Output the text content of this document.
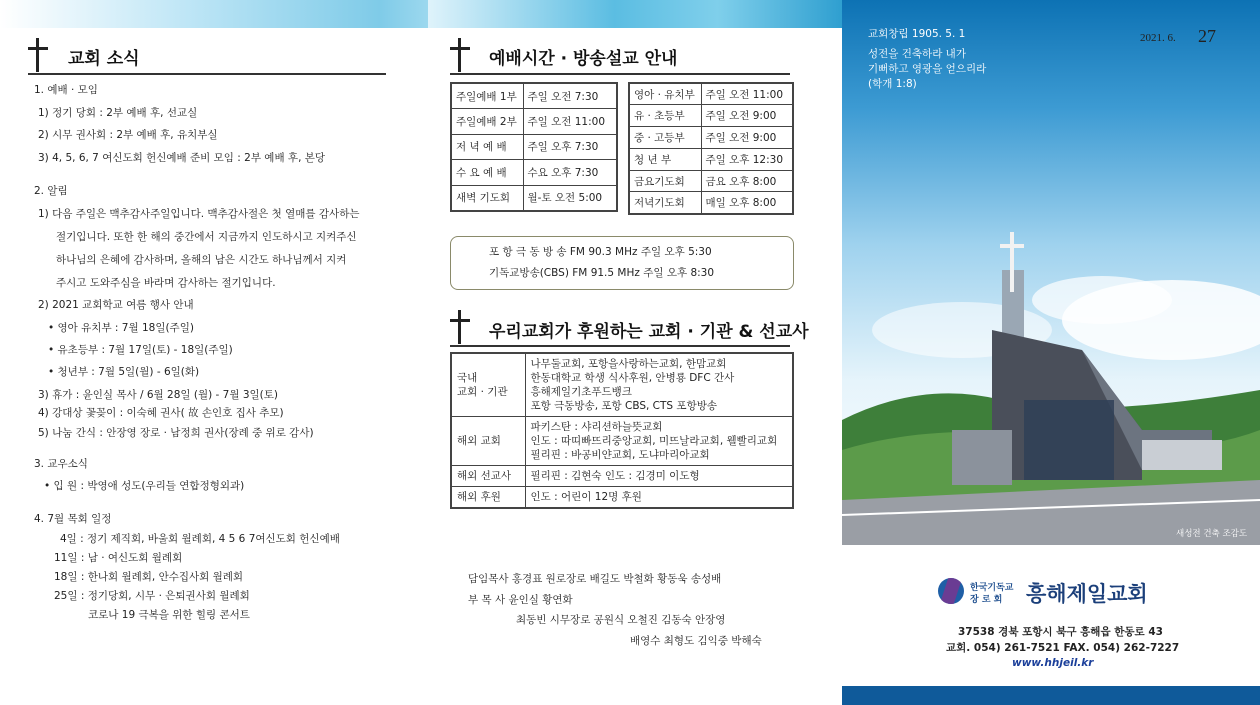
교회 소식
1. 예배 · 모임
1) 정기 당회 : 2부 예배 후, 선교실
2) 시무 권사회 : 2부 예배 후, 유치부실
3) 4, 5, 6, 7 여신도회 헌신예배 준비 모임 : 2부 예배 후, 본당
2. 알림
1) 다음 주일은 맥추감사주일입니다. 맥추감사절은 첫 열매를 감사하는
절기입니다. 또한 한 해의 중간에서 지금까지 인도하시고 지켜주신
하나님의 은혜에 감사하며, 올해의 남은 시간도 하나님께서 지켜
주시고 도와주심을 바라며 감사하는 절기입니다.
2) 2021 교회학교 여름 행사 안내
• 영아 유치부 : 7월 18일(주일)
• 유초등부 : 7월 17일(토) - 18일(주일)
• 청년부 : 7월 5일(월) - 6일(화)
3) 휴가 : 윤인실 목사 / 6월 28일 (월) - 7월 3일(토)
4) 강대상 꽃꽂이 : 이숙혜 권사( 故 손인호 집사 추모)
5) 나눔 간식 : 안장영 장로 · 남정희 권사(장례 중 위로 감사)
3. 교우소식
• 입 원 : 박영애 성도(우리들 연합정형외과)
4. 7월 목회 일정
4일 : 정기 제직회, 바울회 월례회, 4 5 6 7여신도회 헌신예배
11일 : 남 · 여신도회 월례회
18일 : 한나회 월례회, 안수집사회 월례회
25일 : 정기당회, 시무 · 은퇴권사회 월례회
코로나 19 극복을 위한 힐링 콘서트
예배시간 · 방송설교 안내
주일예배 1부	주일 오전 7:30
주일예배 2부	주일 오전 11:00
저 녁 예 배	주일 오후 7:30
수 요 예 배	수요 오후 7:30
새벽 기도회	월-토 오전 5:00
영아 · 유치부	주일 오전 11:00
유 · 초등부	주일 오전 9:00
중 · 고등부	주일 오전 9:00
청 년 부	주일 오후 12:30
금요기도회	금요 오후 8:00
저녁기도회	매일 오후 8:00
포 항 극 동 방 송 FM 90.3 MHz 주일 오후 5:30
기독교방송(CBS) FM 91.5 MHz 주일 오후 8:30
우리교회가 후원하는 교회 · 기관 & 선교사
국내
교회 · 기관	나무둘교회, 포항을사랑하는교회, 한맘교회
한동대학교 학생 식사후원, 안병룡 DFC 간사
흥해제일기초푸드뱅크
포항 극동방송, 포항 CBS, CTS 포항방송
해외 교회	파키스탄 : 샤리션하늘뜻교회
인도 : 따띠빠뜨리중앙교회, 미뜨날라교회, 웰빨리교회
필리핀 : 바공비얀교회, 도냐마리아교회
해외 선교사	필리핀 : 김현숙 인도 : 김경미 이도형
해외 후원	인도 : 어린이 12명 후원
담임목사 홍경표 원로장로 배길도 박철화 황동욱 송성배
부 목 사 윤인실 황연화
최동빈 시무장로 공원식 오철진 김동숙 안장영
배영수 최형도 김익중 박해숙
교회창립 1905. 5. 1
성전을 건축하라 내가
기뻐하고 영광을 얻으리라
(학개 1:8)
새성전 건축 조감도
한국기독교
장 로 회 흥해제일교회
37538 경북 포항시 북구 흥해읍 한동로 43
교회. 054) 261-7521 FAX. 054) 262-7227
www.hhjeil.kr
2021. 6. 27
